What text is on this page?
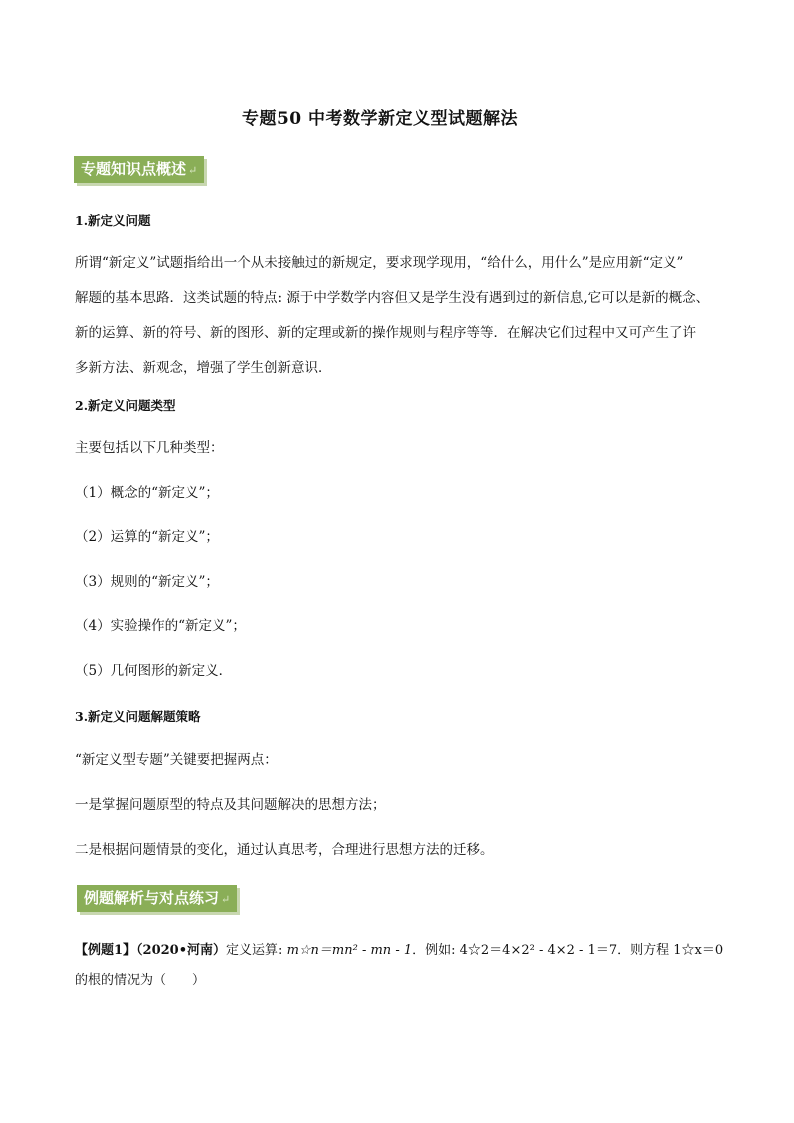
专题50 中考数学新定义型试题解法
专题知识点概述 ↵
1.新定义问题
所谓“新定义”试题指给出一个从未接触过的新规定，要求现学现用，“给什么，用什么”是应用新“定义”
解题的基本思路．这类试题的特点: 源于中学数学内容但又是学生没有遇到过的新信息,它可以是新的概念、
新的运算、新的符号、新的图形、新的定理或新的操作规则与程序等等．在解决它们过程中又可产生了许
多新方法、新观念，增强了学生创新意识．
2.新定义问题类型
主要包括以下几种类型：
（1）概念的“新定义”；
（2）运算的“新定义”；
（3）规则的“新定义”；
（4）实验操作的“新定义”；
（5）几何图形的新定义．
3.新定义问题解题策略
“新定义型专题”关键要把握两点：
一是掌握问题原型的特点及其问题解决的思想方法；
二是根据问题情景的变化，通过认真思考，合理进行思想方法的迁移。
例题解析与对点练习 ↵
【例题1】（2020•河南）定义运算: m☆n＝mn² - mn - 1．例如: 4☆2＝4×2² - 4×2 - 1＝7．则方程 1☆x＝0
的根的情况为（　　）
